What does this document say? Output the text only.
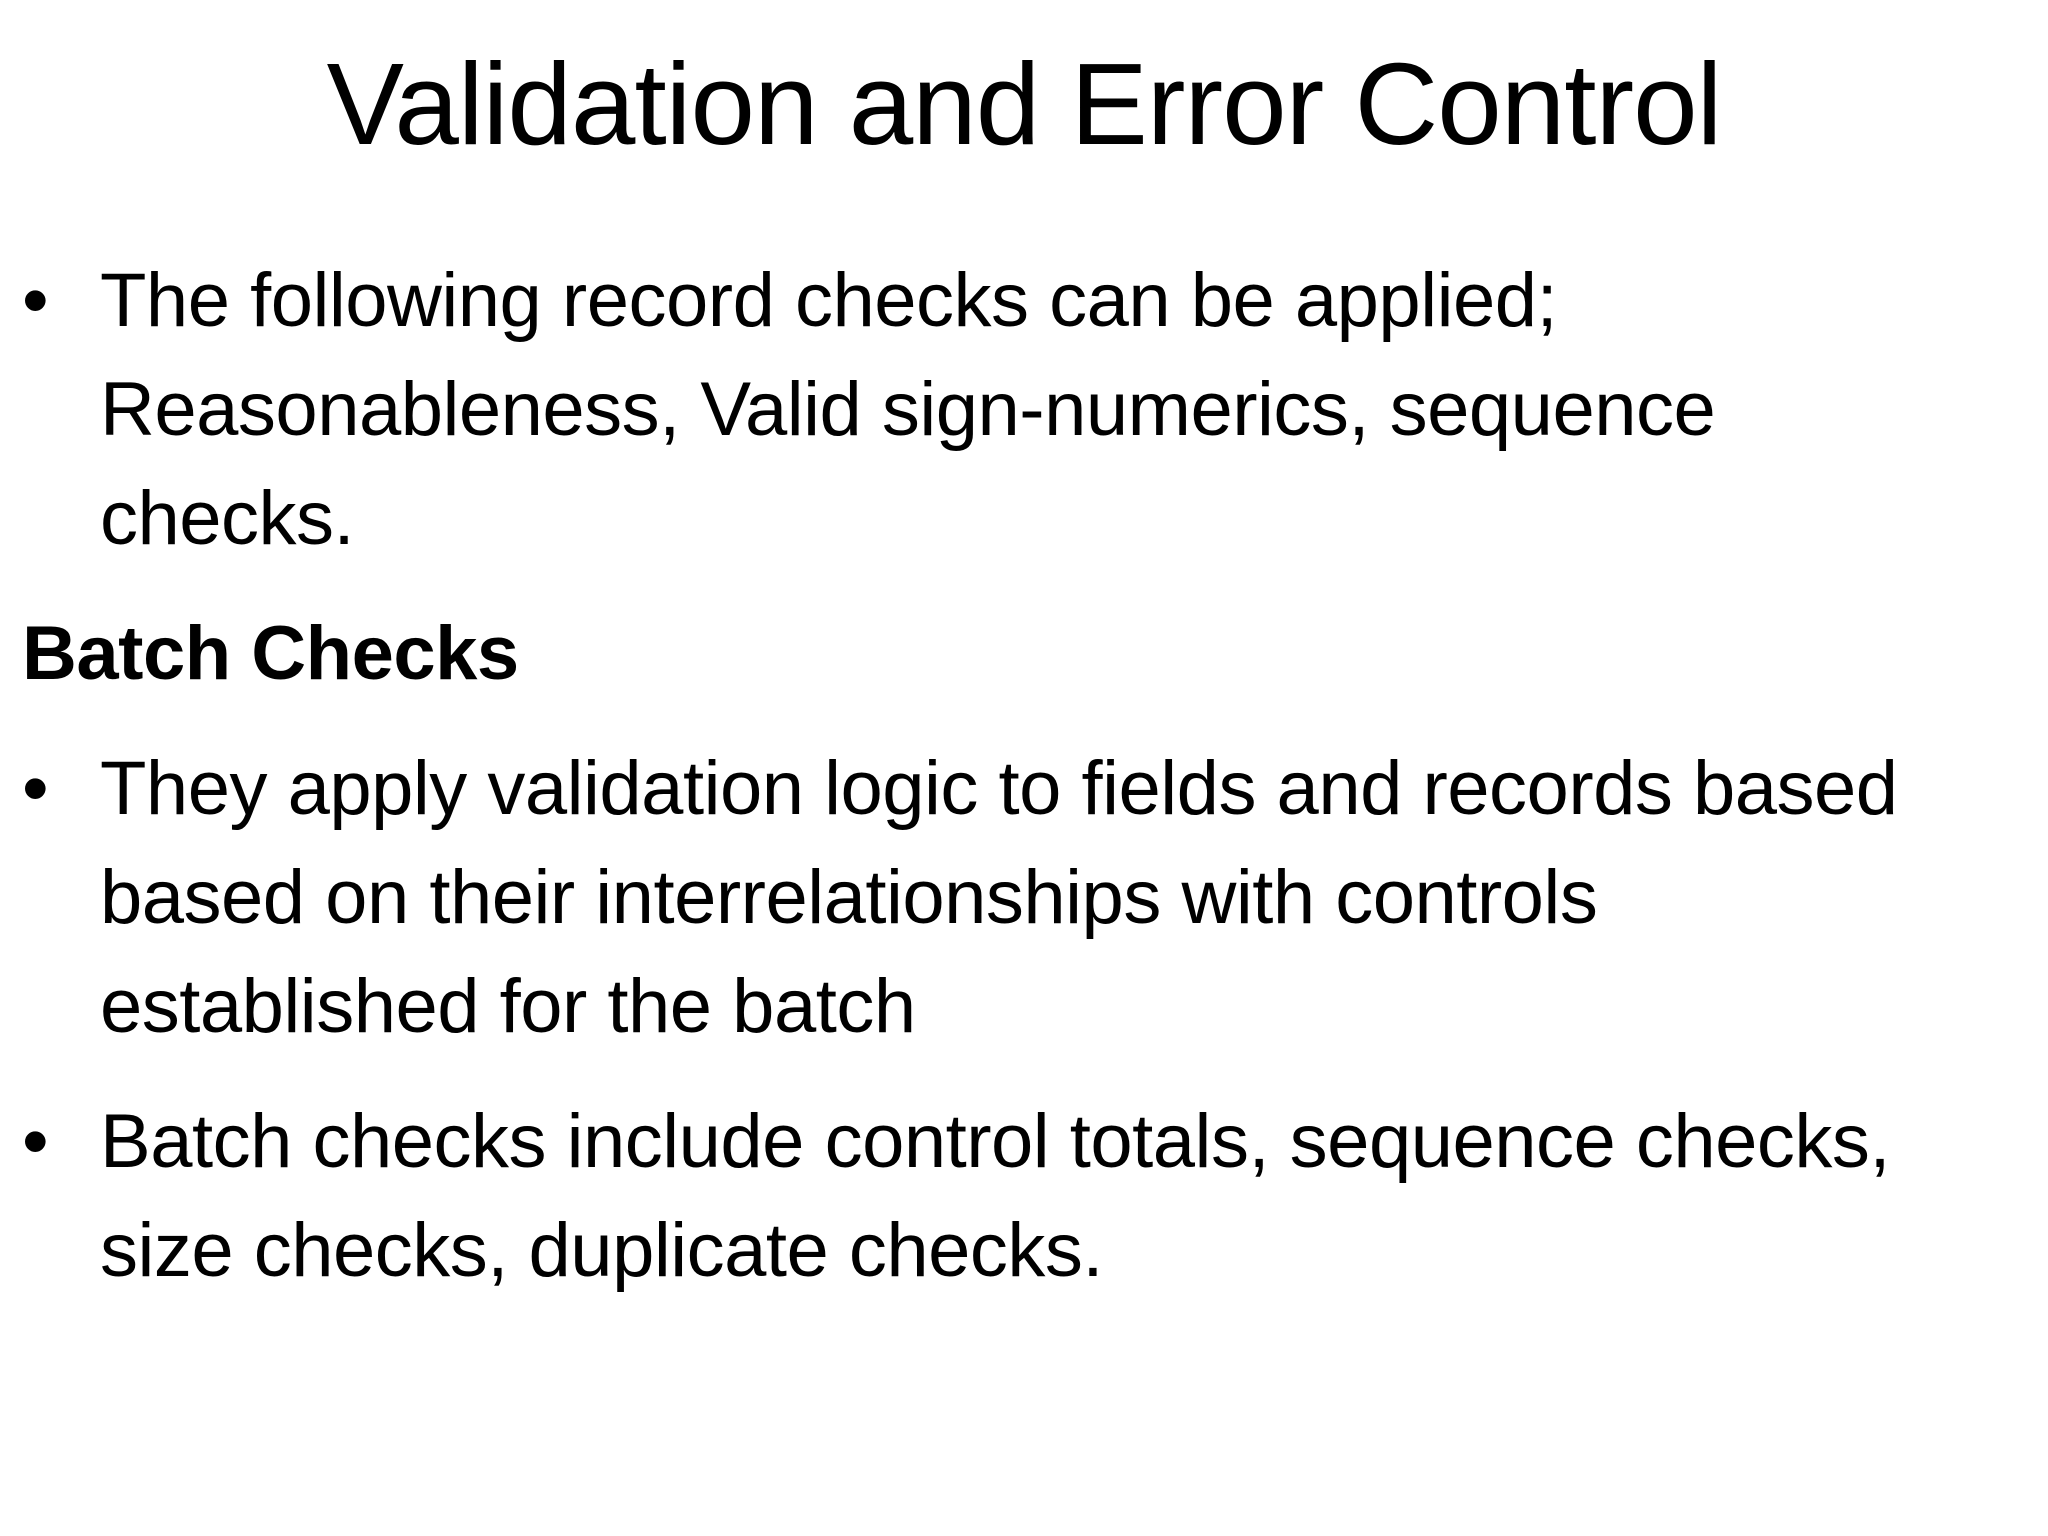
Validation and Error Control

• The following record checks can be applied; Reasonableness, Valid sign-numerics, sequence checks.

Batch Checks

• They apply validation logic to fields and records based based on their interrelationships with controls established for the batch

• Batch checks include control totals, sequence checks, size checks, duplicate checks.
